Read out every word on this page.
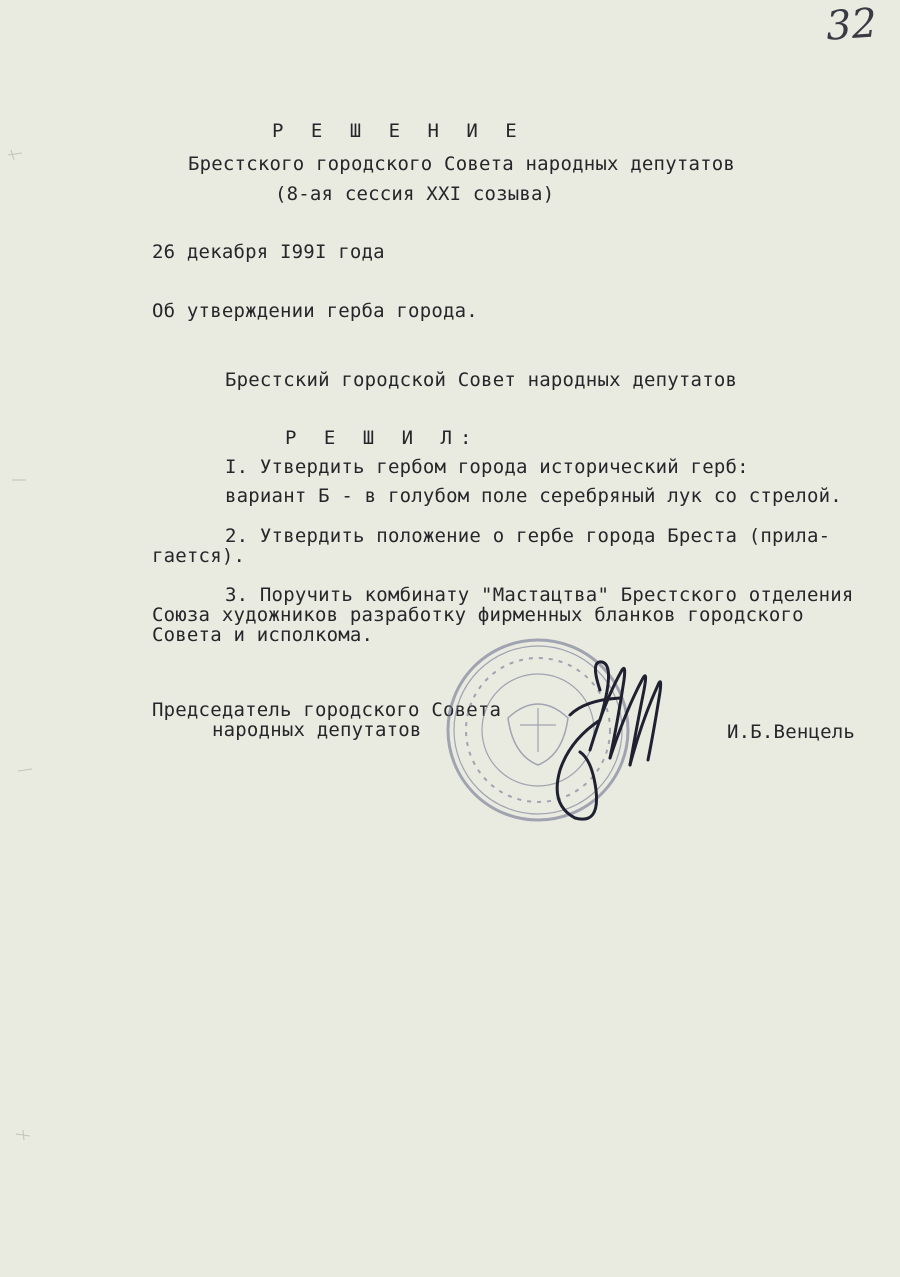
32
Р Е Ш Е Н И Е
Брестского городского Совета народных депутатов
(8-ая сессия XXI созыва)
26 декабря I99I года
Об утверждении герба города.
Брестский городской Совет народных депутатов
Р Е Ш И Л:
I. Утвердить гербом города исторический герб:
вариант Б - в голубом поле серебряный лук со стрелой.
2. Утвердить положение о гербе города Бреста (прила-
гается).
3. Поручить комбинату "Мастацтва" Брестского отделения
Союза художников разработку фирменных бланков городского
Совета и исполкома.
Председатель городского Совета
народных депутатов	И.Б.Венцель
